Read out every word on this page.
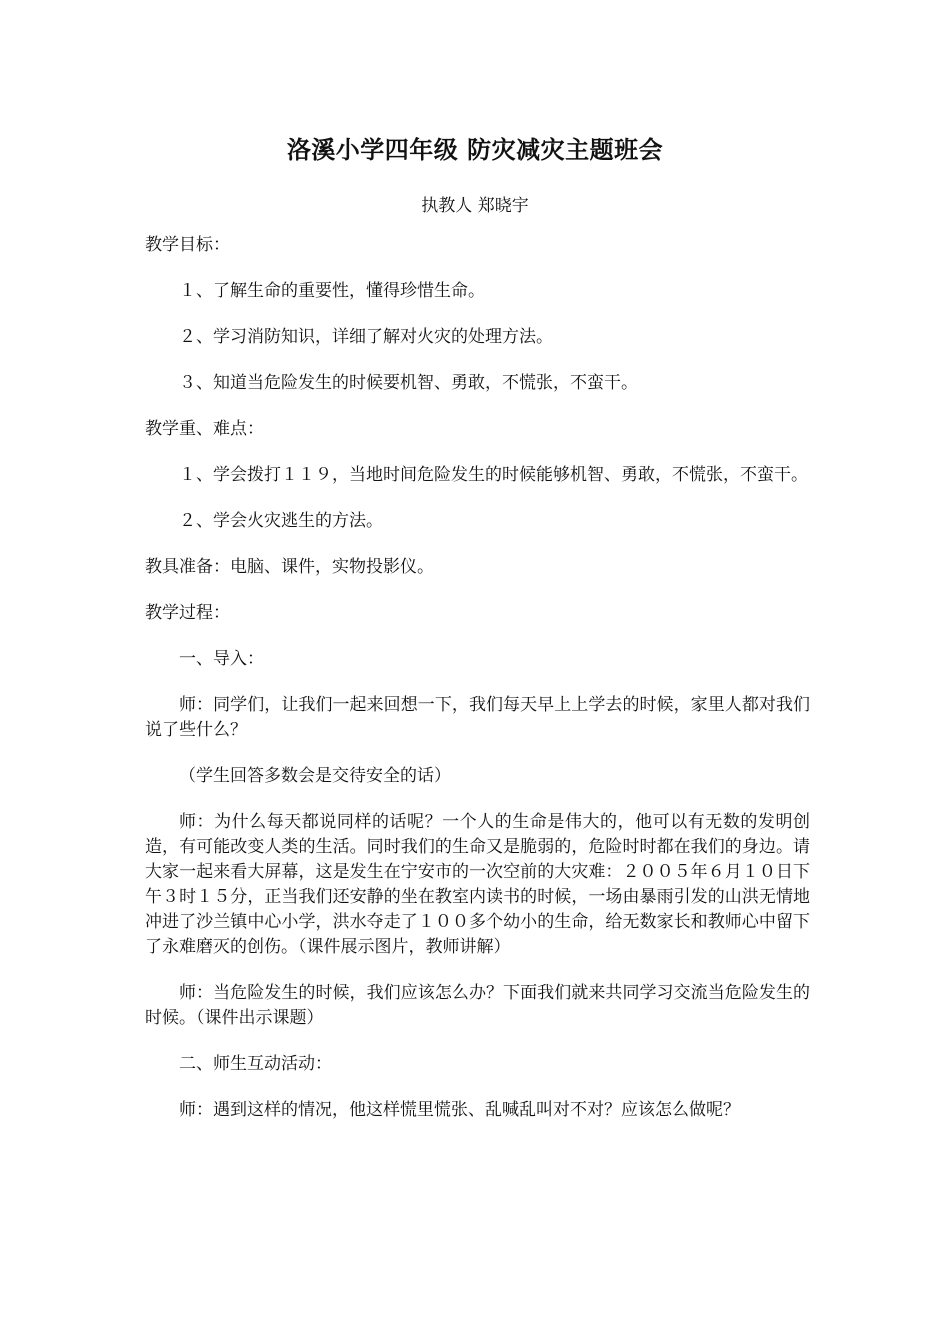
洛溪小学四年级 防灾减灾主题班会
执教人 郑晓宇

教学目标：

１、了解生命的重要性，懂得珍惜生命。

２、学习消防知识，详细了解对火灾的处理方法。

３、知道当危险发生的时候要机智、勇敢，不慌张，不蛮干。

教学重、难点：

１、学会拨打１１９，当地时间危险发生的时候能够机智、勇敢，不慌张，不蛮干。

２、学会火灾逃生的方法。

教具准备：电脑、课件，实物投影仪。

教学过程：

一、导入：

师：同学们，让我们一起来回想一下，我们每天早上上学去的时候，家里人都对我们说了些什么？

（学生回答多数会是交待安全的话）

师：为什么每天都说同样的话呢？一个人的生命是伟大的，他可以有无数的发明创造，有可能改变人类的生活。同时我们的生命又是脆弱的，危险时时都在我们的身边。请大家一起来看大屏幕，这是发生在宁安市的一次空前的大灾难：２００５年６月１０日下午３时１５分，正当我们还安静的坐在教室内读书的时候，一场由暴雨引发的山洪无情地冲进了沙兰镇中心小学，洪水夺走了１００多个幼小的生命，给无数家长和教师心中留下了永难磨灭的创伤。（课件展示图片，教师讲解）

师：当危险发生的时候，我们应该怎么办？下面我们就来共同学习交流当危险发生的时候。（课件出示课题）

二、师生互动活动：

师：遇到这样的情况，他这样慌里慌张、乱喊乱叫对不对？应该怎么做呢？
